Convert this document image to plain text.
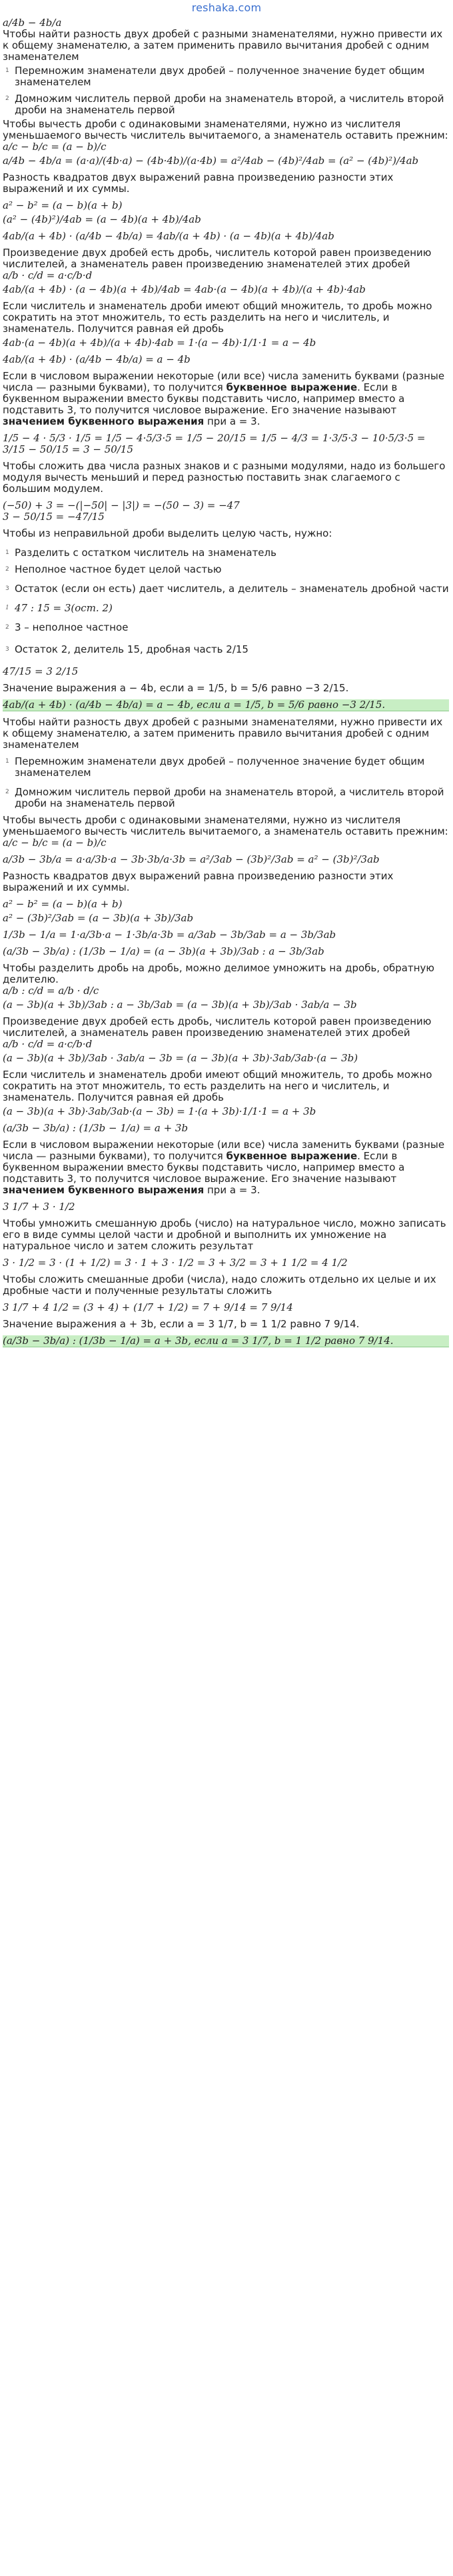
reshaka.com

a/4b − 4b/a

Чтобы найти разность двух дробей с разными знаменателями, нужно привести их к общему знаменателю, а затем применить правило вычитания дробей с одним знаменателем

1 Перемножим знаменатели двух дробей – полученное значение будет общим знаменателем
2 Домножим числитель первой дроби на знаменатель второй, а числитель второй дроби на знаменатель первой

Чтобы вычесть дроби с одинаковыми знаменателями, нужно из числителя уменьшаемого вычесть числитель вычитаемого, а знаменатель оставить прежним:

a/c − b/c = (a − b)/c

a/4b − 4b/a = (a·a)/(4b·a) − (4b·4b)/(a·4b) = a²/4ab − (4b)²/4ab = (a² − (4b)²)/4ab

Разность квадратов двух выражений равна произведению разности этих выражений и их суммы.

a² − b² = (a − b)(a + b)

(a² − (4b)²)/4ab = (a − 4b)(a + 4b)/4ab

4ab/(a + 4b) · (a/4b − 4b/a) = 4ab/(a + 4b) · (a − 4b)(a + 4b)/4ab

Произведение двух дробей есть дробь, числитель которой равен произведению числителей, а знаменатель равен произведению знаменателей этих дробей

a/b · c/d = a·c/b·d

4ab/(a + 4b) · (a − 4b)(a + 4b)/4ab = 4ab·(a − 4b)(a + 4b)/(a + 4b)·4ab

Если числитель и знаменатель дроби имеют общий множитель, то дробь можно сократить на этот множитель, то есть разделить на него и числитель, и знаменатель. Получится равная ей дробь

4ab·(a − 4b)(a + 4b)/(a + 4b)·4ab = 1·(a − 4b)·1/1·1 = a − 4b

4ab/(a + 4b) · (a/4b − 4b/a) = a − 4b

Если в числовом выражении некоторые (или все) числа заменить буквами (разные числа — разными буквами), то получится буквенное выражение. Если в буквенном выражении вместо буквы подставить число, например вместо a подставить 3, то получится числовое выражение. Его значение называют значением буквенного выражения при a = 3.

1/5 − 4 · 5/3 · 1/5 = 1/5 − 4·5/3·5 = 1/5 − 20/15 = 1/5 − 4/3 = 1·3/5·3 − 10·5/3·5 = 3/15 − 50/15 = 3 − 50/15

Чтобы сложить два числа разных знаков и с разными модулями, надо из большего модуля вычесть меньший и перед разностью поставить знак слагаемого с большим модулем.

(−50) + 3 = −(|−50| − |3|) = −(50 − 3) = −47

3 − 50/15 = −47/15

Чтобы из неправильной дроби выделить целую часть, нужно:

1 Разделить с остатком числитель на знаменатель
2 Неполное частное будет целой частью
3 Остаток (если он есть) дает числитель, а делитель – знаменатель дробной части
1 47 : 15 = 3(ост. 2)
2 3 – неполное частное
3 Остаток 2, делитель 15, дробная часть 2/15

47/15 = 3 2/15

Значение выражения a − 4b, если a = 1/5, b = 5/6 равно −3 2/15.

4ab/(a + 4b) · (a/4b − 4b/a) = a − 4b, если a = 1/5, b = 5/6 равно −3 2/15.

Чтобы найти разность двух дробей с разными знаменателями, нужно привести их к общему знаменателю, а затем применить правило вычитания дробей с одним знаменателем

1 Перемножим знаменатели двух дробей – полученное значение будет общим знаменателем
2 Домножим числитель первой дроби на знаменатель второй, а числитель второй дроби на знаменатель первой

Чтобы вычесть дроби с одинаковыми знаменателями, нужно из числителя уменьшаемого вычесть числитель вычитаемого, а знаменатель оставить прежним:

a/c − b/c = (a − b)/c

a/3b − 3b/a = a·a/3b·a − 3b·3b/a·3b = a²/3ab − (3b)²/3ab = a² − (3b)²/3ab

Разность квадратов двух выражений равна произведению разности этих выражений и их суммы.

a² − b² = (a − b)(a + b)

a² − (3b)²/3ab = (a − 3b)(a + 3b)/3ab

1/3b − 1/a = 1·a/3b·a − 1·3b/a·3b = a/3ab − 3b/3ab = a − 3b/3ab

(a/3b − 3b/a) : (1/3b − 1/a) = (a − 3b)(a + 3b)/3ab : a − 3b/3ab

Чтобы разделить дробь на дробь, можно делимое умножить на дробь, обратную делителю.

a/b : c/d = a/b · d/c

(a − 3b)(a + 3b)/3ab : a − 3b/3ab = (a − 3b)(a + 3b)/3ab · 3ab/a − 3b

Произведение двух дробей есть дробь, числитель которой равен произведению числителей, а знаменатель равен произведению знаменателей этих дробей

a/b · c/d = a·c/b·d

(a − 3b)(a + 3b)/3ab · 3ab/a − 3b = (a − 3b)(a + 3b)·3ab/3ab·(a − 3b)

Если числитель и знаменатель дроби имеют общий множитель, то дробь можно сократить на этот множитель, то есть разделить на него и числитель, и знаменатель. Получится равная ей дробь

(a − 3b)(a + 3b)·3ab/3ab·(a − 3b) = 1·(a + 3b)·1/1·1 = a + 3b

(a/3b − 3b/a) : (1/3b − 1/a) = a + 3b

Если в числовом выражении некоторые (или все) числа заменить буквами (разные числа — разными буквами), то получится буквенное выражение. Если в буквенном выражении вместо буквы подставить число, например вместо a подставить 3, то получится числовое выражение. Его значение называют значением буквенного выражения при a = 3.

3 1/7 + 3 · 1/2

Чтобы умножить смешанную дробь (число) на натуральное число, можно записать его в виде суммы целой части и дробной и выполнить их умножение на натуральное число и затем сложить результат

3 · 1/2 = 3 · (1 + 1/2) = 3 · 1 + 3 · 1/2 = 3 + 3/2 = 3 + 1 1/2 = 4 1/2

Чтобы сложить смешанные дроби (числа), надо сложить отдельно их целые и их дробные части и полученные результаты сложить

3 1/7 + 4 1/2 = (3 + 4) + (1/7 + 1/2) = 7 + 9/14 = 7 9/14

Значение выражения a + 3b, если a = 3 1/7, b = 1 1/2 равно 7 9/14.

(a/3b − 3b/a) : (1/3b − 1/a) = a + 3b, если a = 3 1/7, b = 1 1/2 равно 7 9/14.
